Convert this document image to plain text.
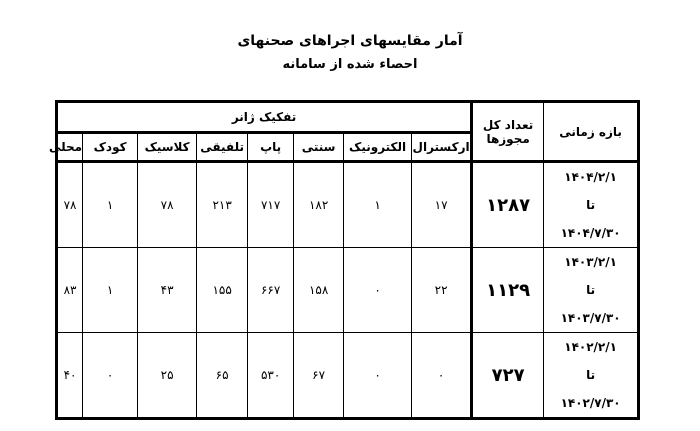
آمار مقایسهای اجراهای صحنهای
احصاء شده از سامانه
بازه زمانی	تعداد کل مجوزها	تفکیک ژانر							
		ارکسترال	الکترونیک	سنتی	پاپ	تلفیقی	کلاسیک	کودک	محلی

۱۴۰۴/۲/۱
تا
۱۴۰۴/۷/۳۰	۱۲۸۷	۱۷	۱	۱۸۲	۷۱۷	۲۱۳	۷۸	۱	۷۸

۱۴۰۳/۲/۱
تا
۱۴۰۳/۷/۳۰	۱۱۲۹	۲۲	۰	۱۵۸	۶۶۷	۱۵۵	۴۳	۱	۸۳

۱۴۰۲/۲/۱
تا
۱۴۰۲/۷/۳۰	۷۲۷	۰	۰	۶۷	۵۳۰	۶۵	۲۵	۰	۴۰
